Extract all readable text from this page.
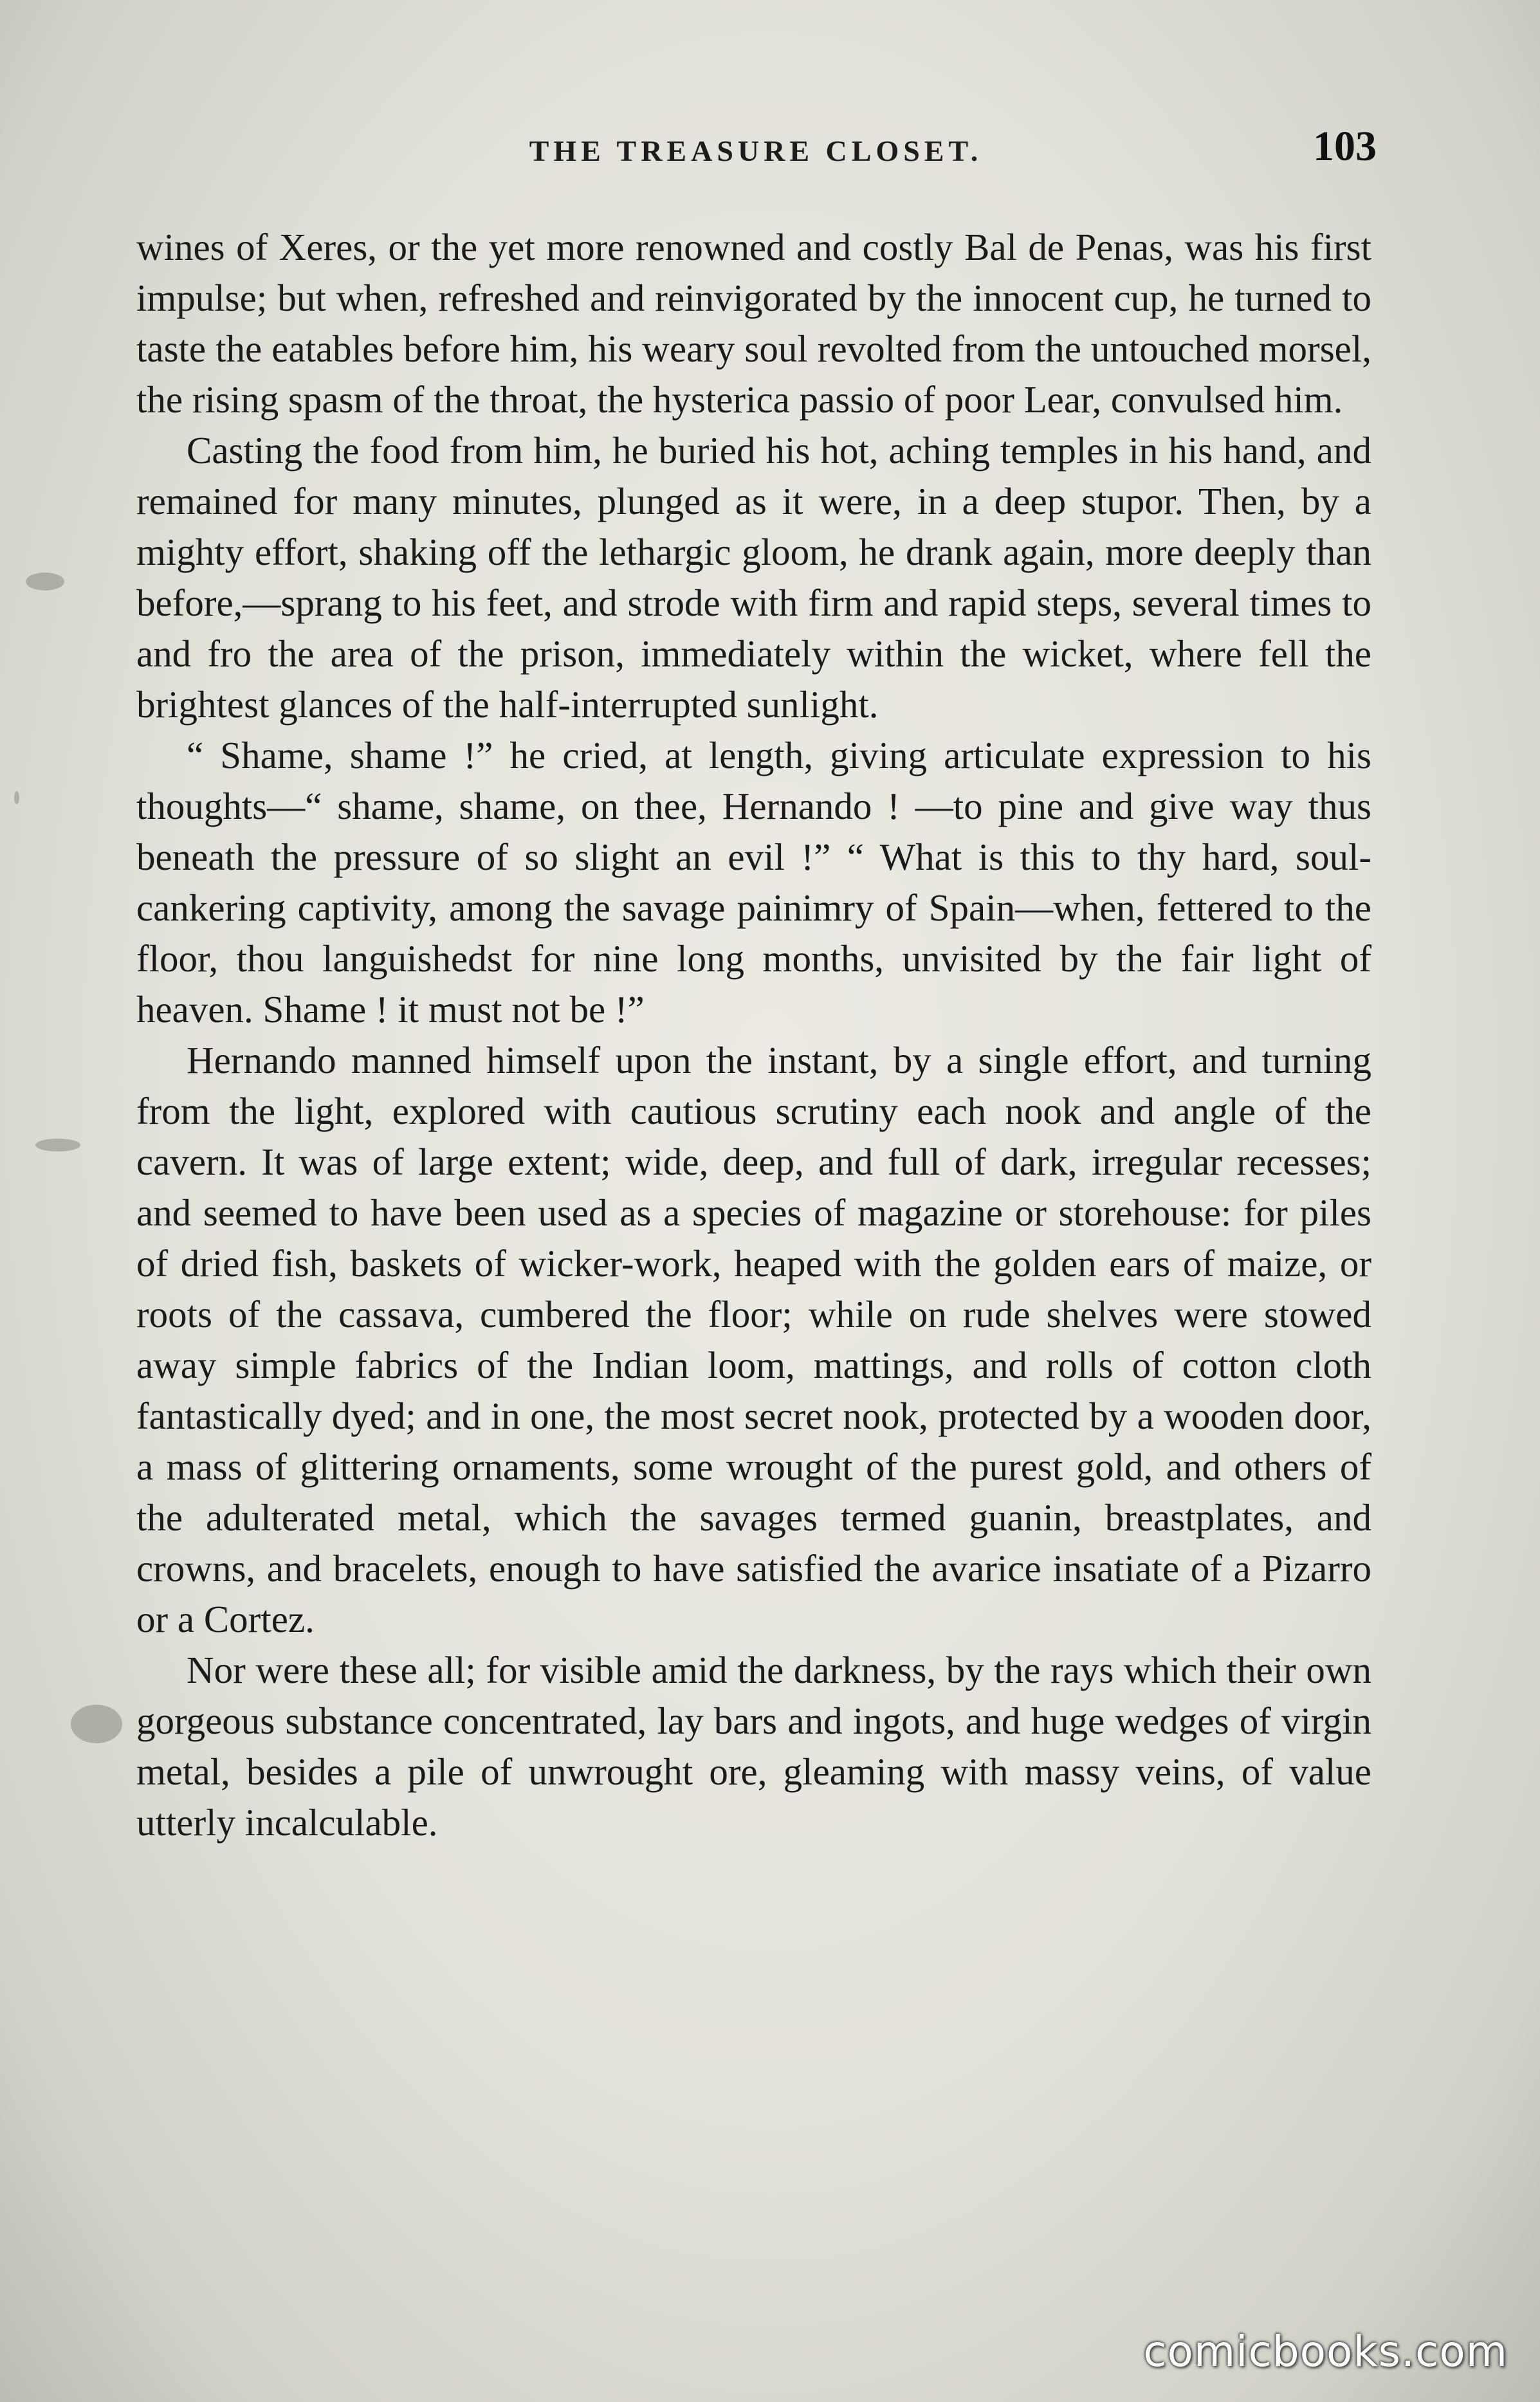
THE TREASURE CLOSET.	103

wines of Xeres, or the yet more renowned and costly Bal de Penas, was his first impulse; but when, refreshed and reinvigorated by the innocent cup, he turned to taste the eatables before him, his weary soul revolted from the untouched morsel, the rising spasm of the throat, the hysterica passio of poor Lear, convulsed him.

Casting the food from him, he buried his hot, aching temples in his hand, and remained for many minutes, plunged as it were, in a deep stupor. Then, by a mighty effort, shaking off the lethargic gloom, he drank again, more deeply than before,—sprang to his feet, and strode with firm and rapid steps, several times to and fro the area of the prison, immediately within the wicket, where fell the brightest glances of the half-interrupted sunlight.

“ Shame, shame !” he cried, at length, giving articulate expression to his thoughts—“ shame, shame, on thee, Hernando ! —to pine and give way thus beneath the pressure of so slight an evil !” “ What is this to thy hard, soul-cankering captivity, among the savage painimry of Spain—when, fettered to the floor, thou languishedst for nine long months, unvisited by the fair light of heaven. Shame ! it must not be !”

Hernando manned himself upon the instant, by a single effort, and turning from the light, explored with cautious scrutiny each nook and angle of the cavern. It was of large extent; wide, deep, and full of dark, irregular recesses; and seemed to have been used as a species of magazine or storehouse: for piles of dried fish, baskets of wicker-work, heaped with the golden ears of maize, or roots of the cassava, cumbered the floor; while on rude shelves were stowed away simple fabrics of the Indian loom, mattings, and rolls of cotton cloth fantastically dyed; and in one, the most secret nook, protected by a wooden door, a mass of glittering ornaments, some wrought of the purest gold, and others of the adulterated metal, which the savages termed guanin, breastplates, and crowns, and bracelets, enough to have satisfied the avarice insatiate of a Pizarro or a Cortez.

Nor were these all; for visible amid the darkness, by the rays which their own gorgeous substance concentrated, lay bars and ingots, and huge wedges of virgin metal, besides a pile of unwrought ore, gleaming with massy veins, of value utterly incalculable.

comicbooks.com
